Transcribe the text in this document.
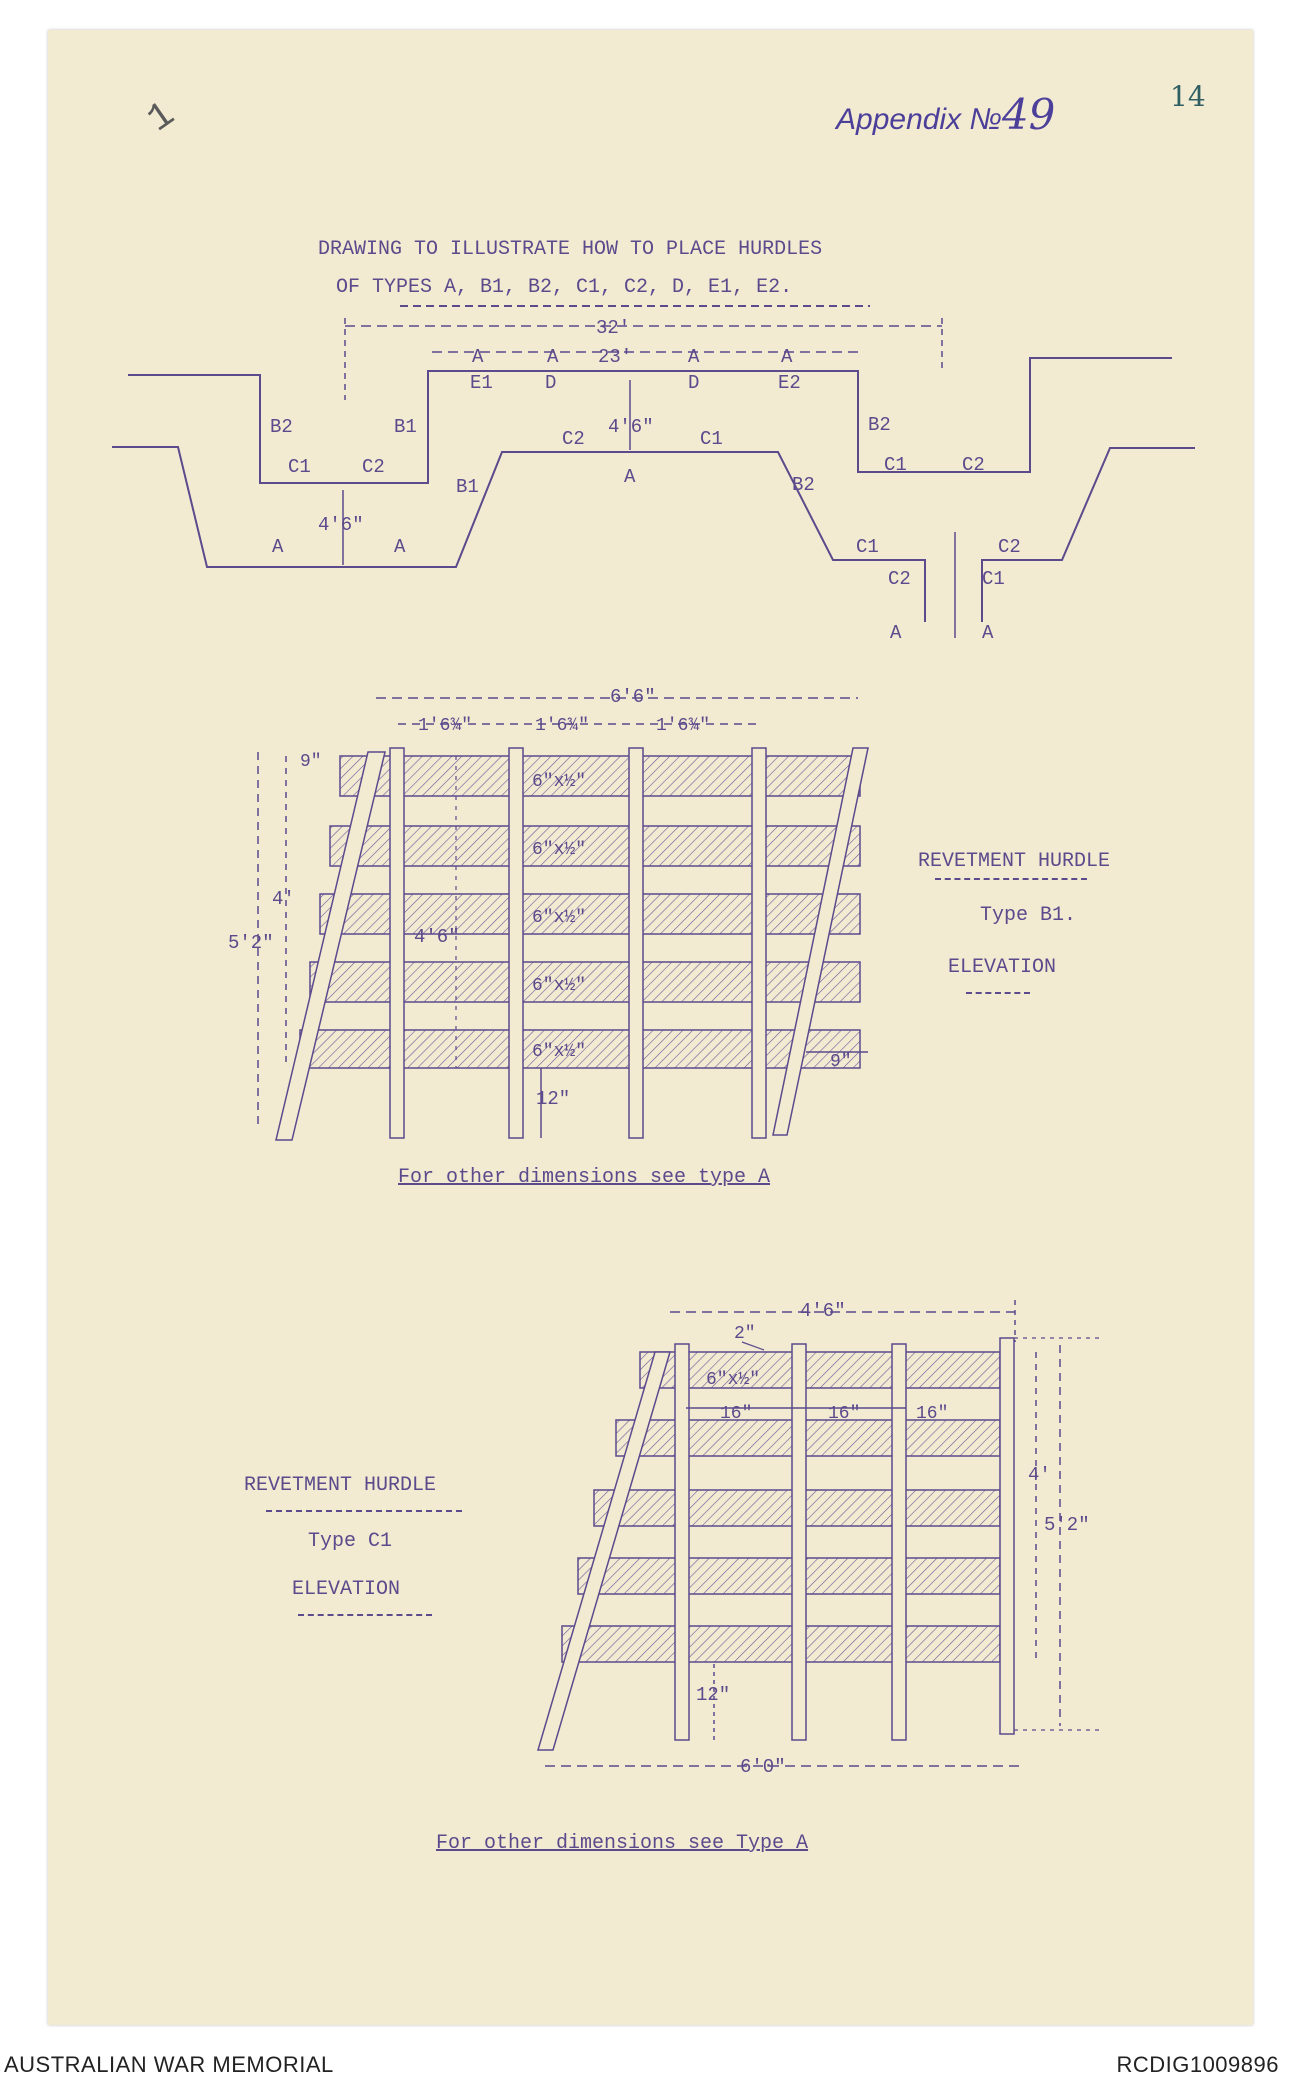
1	Appendix №49	14
DRAWING TO ILLUSTRATE HOW TO PLACE HURDLES
OF TYPES A, B1, B2, C1, C2, D, E1, E2.
32'
23'
A	A	A	A
E1	D	D	E2
4'6"
B2	B1
C2	C1
B2
C1	C2	A
C1	C2
B1	B2
4'6"
A	A	C1	C2
C2	C1
A	A
6'6"
1'6¾"	1'6¾"	1'6¾"
9"
6"x½"
6"x½"
6"x½"
6"x½"
6"x½"
4'
5'2"	4'6"
12"
9"
4'6"
2"
6"x½"
16"	16"	16"
4'
5'2"
12"
6'0"
REVETMENT HURDLE
Type B1.
ELEVATION
For other dimensions see type A
REVETMENT HURDLE
Type C1
ELEVATION
For other dimensions see Type A
AUSTRALIAN WAR MEMORIAL	RCDIG1009896
